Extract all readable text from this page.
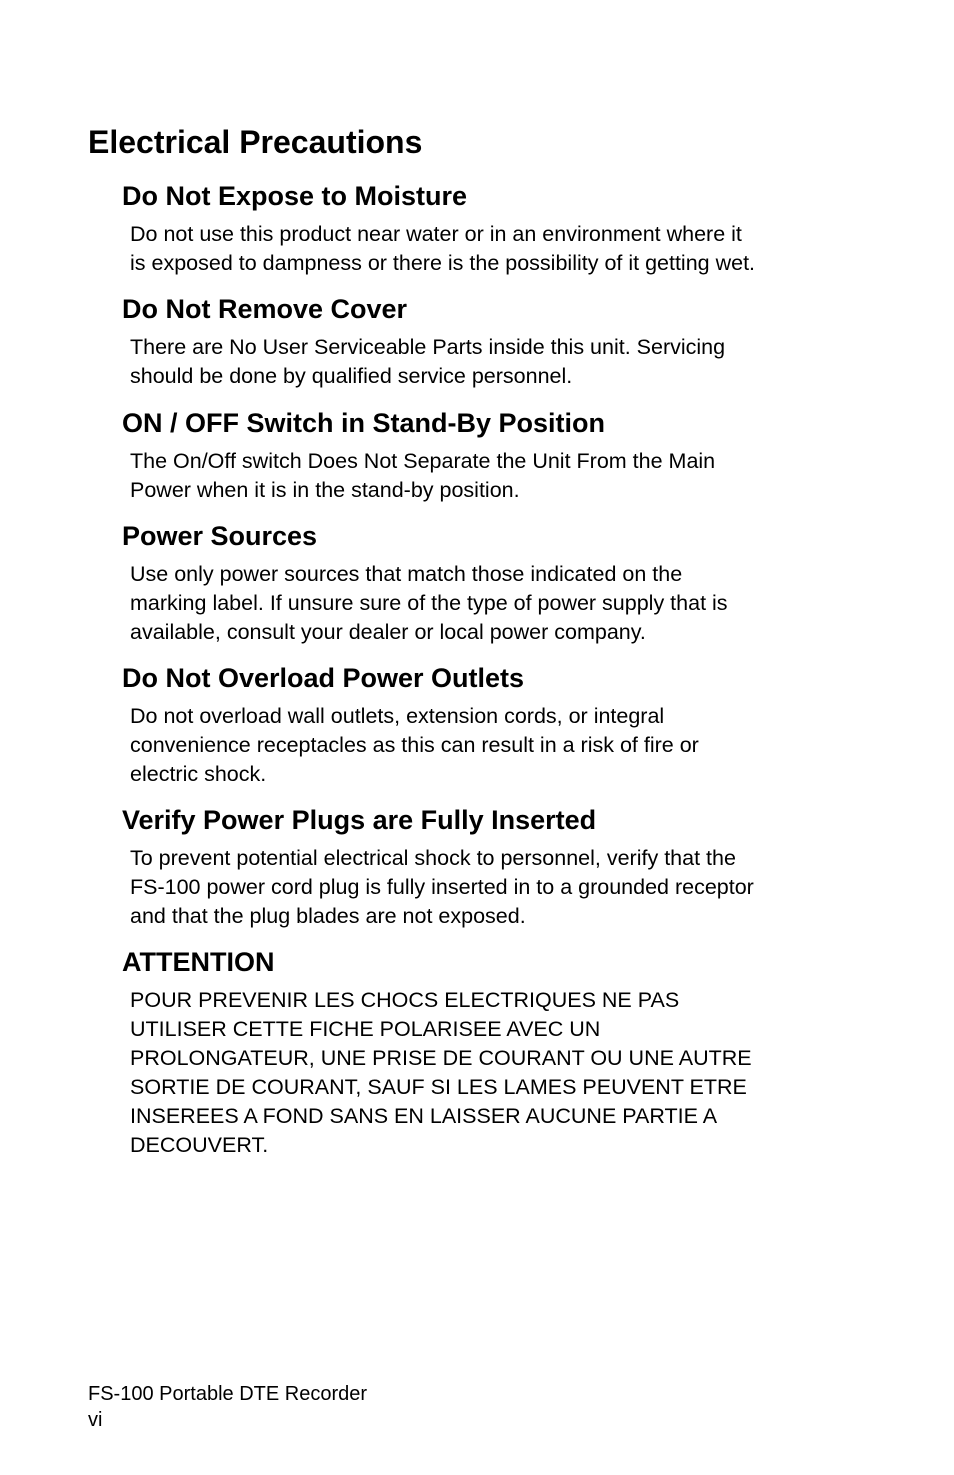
Electrical Precautions
Do Not Expose to Moisture

Do not use this product near water or in an environment where it
is exposed to dampness or there is the possibility of it getting wet.

Do Not Remove Cover

There are No User Serviceable Parts inside this unit. Servicing
should be done by qualified service personnel.

ON / OFF Switch in Stand-By Position

The On/Off switch Does Not Separate the Unit From the Main
Power when it is in the stand-by position.

Power Sources

Use only power sources that match those indicated on the
marking label. If unsure sure of the type of power supply that is
available, consult your dealer or local power company.

Do Not Overload Power Outlets

Do not overload wall outlets, extension cords, or integral
convenience receptacles as this can result in a risk of fire or
electric shock.

Verify Power Plugs are Fully Inserted

To prevent potential electrical shock to personnel, verify that the
FS-100 power cord plug is fully inserted in to a grounded receptor
and that the plug blades are not exposed.

ATTENTION

POUR PREVENIR LES CHOCS ELECTRIQUES NE PAS
UTILISER CETTE FICHE POLARISEE AVEC UN
PROLONGATEUR, UNE PRISE DE COURANT OU UNE AUTRE
SORTIE DE COURANT, SAUF SI LES LAMES PEUVENT ETRE
INSEREES A FOND SANS EN LAISSER AUCUNE PARTIE A
DECOUVERT.

FS-100 Portable DTE Recorder
vi
